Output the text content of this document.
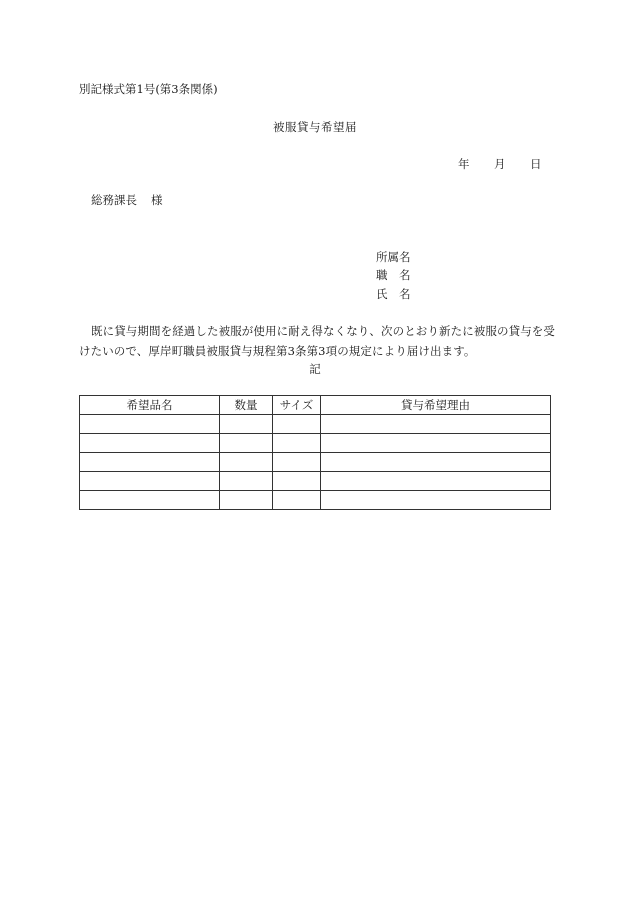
別記様式第1号(第3条関係)
被服貸与希望届
年 月 日
総務課長 様
所属名
職　名
氏　名
既に貸与期間を経過した被服が使用に耐え得なくなり、次のとおり新たに被服の貸与を受けたいので、厚岸町職員被服貸与規程第3条第3項の規定により届け出ます。
記
希望品名	数量	サイズ	貸与希望理由
